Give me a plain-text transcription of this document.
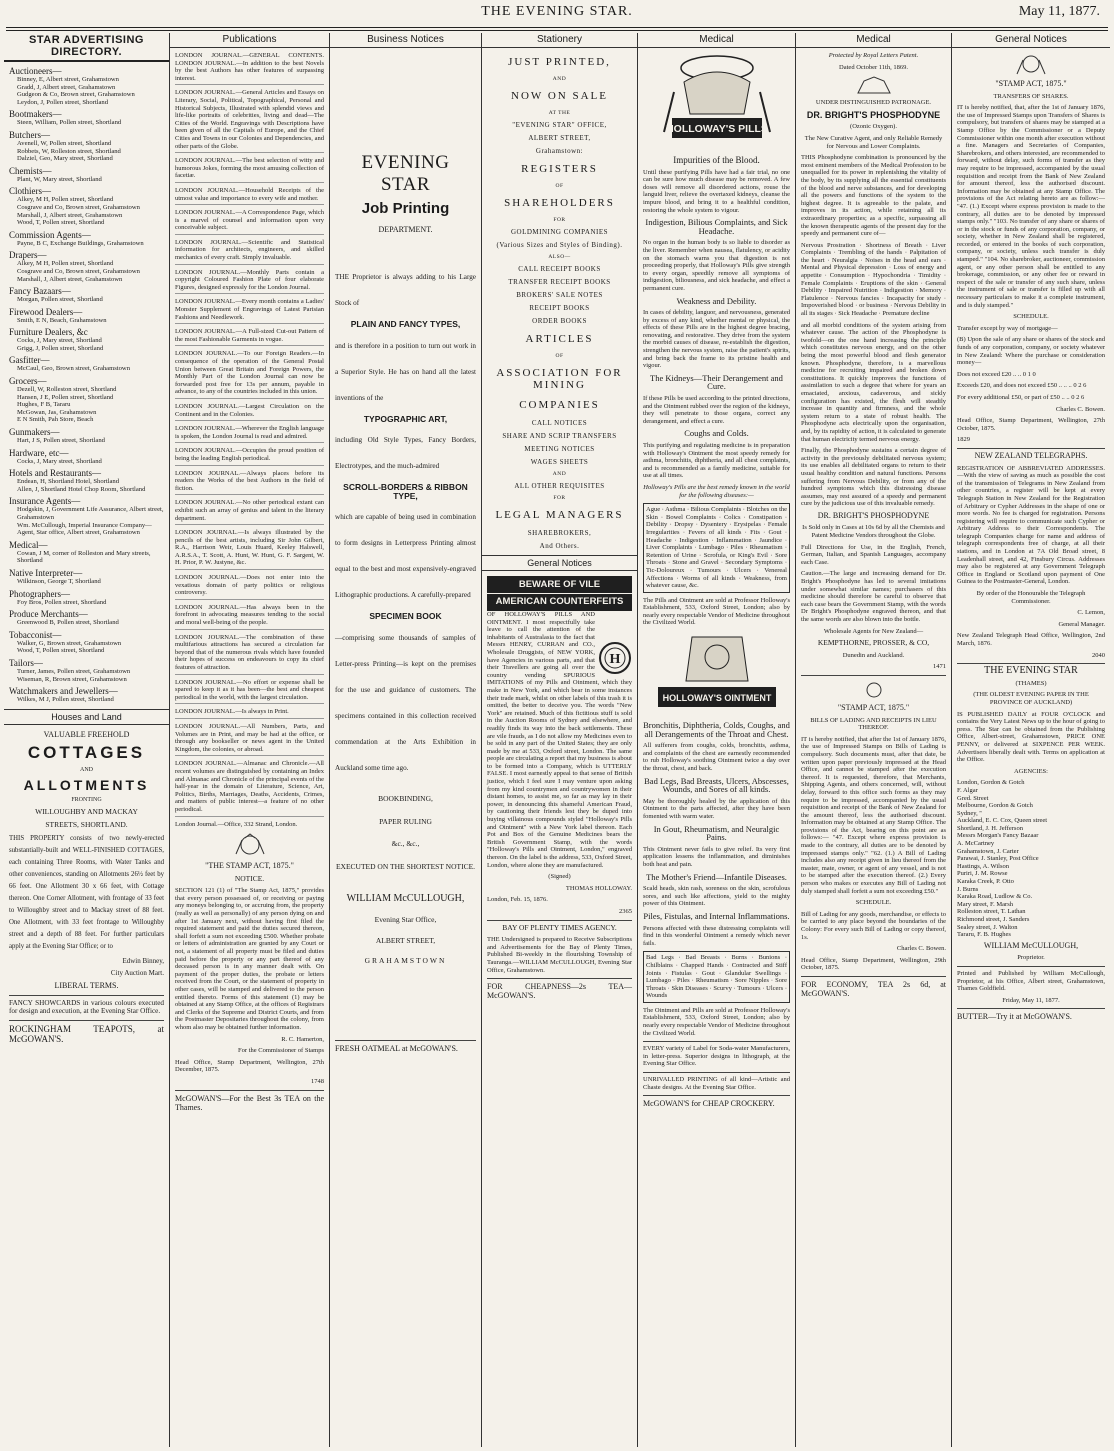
THE EVENING STAR.	May 11, 1877.
STAR ADVERTISING DIRECTORY.
Auctioneers—
Binney, E, Albert street, Grahamstown
Gradd, J, Albert street, Grahamstown
Gudgeon & Co, Brown street, Grahamstown
Leydon, J, Pollen street, Shortland
Bootmakers—
Steen, William, Pollen street, Shortland
Butchers—
Avenell, W, Pollen street, Shortland
Robbets, W, Rolleston street, Shortland
Dalziel, Geo, Mary street, Shortland
Chemists—
Plant, W, Mary street, Shortland
Clothiers—
Alkey, M H, Pollen street, Shortland
Cosgrave and Co, Brown street, Grahamstown
Marshall, J, Albert street, Grahamstown
Wood, T, Pollen street, Shortland
Commission Agents—
Payne, B C, Exchange Buildings, Grahamstown
Drapers—
Alkey, M H, Pollen street, Shortland
Cosgrave and Co, Brown street, Grahamstown
Marshall, J, Albert street, Grahamstown
Fancy Bazaars—
Morgan, Pollen street, Shortland
Firewood Dealers—
Smith, E N, Beach, Grahamstown
Furniture Dealers, &c
Cocks, J, Mary street, Shortland
Grigg, J, Pollen street, Shortland
Gasfitter—
McCaul, Geo, Brown street, Grahamstown
Grocers—
Dezell, W, Rolleston street, Shortland
Hansen, J E, Pollen street, Shortland
Hughes, F B, Tararu
McGowan, Jas, Grahamstown
E N Smith, Pah Store, Beach
Gunmakers—
Hart, J S, Pollen street, Shortland
Hardware, etc—
Cocks, J, Mary street, Shortland
Hotels and Restaurants—
Endean, H, Shortland Hotel, Shortland
Allen, J, Shortland Hotel Chop Room, Shortland
Insurance Agents—
Hodgskin, J, Government Life Assurance, Albert street, Grahamstown
Wm. McCullough, Imperial Insurance Company—Agent, Star office, Albert street, Grahamstown
Medical—
Cowan, J M, corner of Rolleston and Mary streets, Shortland
Native Interpreter—
Wilkinson, George T, Shortland
Photographers—
Foy Bros, Pollen street, Shortland
Produce Merchants—
Greenwood B, Pollen street, Shortland
Tobacconist—
Walker, G, Brown street, Grahamstown
Wood, T, Pollen street, Shortland
Tailors—
Turner, James, Pollen street, Grahamstown
Wiseman, R, Brown street, Grahamstown
Watchmakers and Jewellers—
Wilkes, M J, Pollen street, Shortland
Houses and Land
VALUABLE FREEHOLD
COTTAGES
AND
ALLOTMENTS
FRONTING
WILLOUGHBY AND MACKAY
STREETS, SHORTLAND.
THIS PROPERTY consists of two newly-erected substantially-built and WELL-FINISHED COTTAGES, each containing Three Rooms, with Water Tanks and other conveniences, standing on Allotments 26½ feet by 66 feet. One Allotment 30 x 66 feet, with Cottage thereon. One Corner Allotment, with frontage of 33 feet to Willoughby street and to Mackay street of 88 feet. One Allotment, with 33 feet frontage to Willoughby street and a depth of 88 feet. For further particulars apply at the Evening Star Office; or to
Edwin Binney,
City Auction Mart.
LIBERAL TERMS.
FANCY SHOWCARDS in various colours executed for design and execution, at the Evening Star Office.
ROCKINGHAM TEAPOTS, at McGOWAN'S.
Publications
LONDON JOURNAL.—GENERAL CONTENTS. LONDON JOURNAL.—In addition to the best Novels by the best Authors has other features of surpassing interest.
LONDON JOURNAL.—General Articles and Essays on Literary, Social, Political, Topographical, Personal and Historical Subjects, Illustrated with splendid views and life-like portraits of celebrities, living and dead—The Cities of the World. Engravings with Descriptions have been given of all the Capitals of Europe, and the Chief Cities and Towns in our Colonies and Dependencies, and other parts of the Globe.
LONDON JOURNAL.—The best selection of witty and humorous Jokes, forming the most amusing collection of facetiæ.
LONDON JOURNAL.—Household Receipts of the utmost value and importance to every wife and mother.
LONDON JOURNAL.—A Correspondence Page, which is a marvel of counsel and information upon very conceivable subject.
LONDON JOURNAL.—Scientific and Statistical information for architects, engineers, and skilled mechanics of every craft. Simply invaluable.
LONDON JOURNAL.—Monthly Parts contain a copyright Coloured Fashion Plate of four elaborate Figures, designed expressly for the London Journal.
LONDON JOURNAL.—Every month contains a Ladies' Monster Supplement of Engravings of Latest Parisian Fashions and Needlework.
LONDON JOURNAL.—A Full-sized Cut-out Pattern of the most Fashionable Garments in vogue.
LONDON JOURNAL.—To our Foreign Readers.—In consequence of the operation of the General Postal Union between Great Britain and Foreign Powers, the Monthly Part of the London Journal can now be forwarded post free for 13s per annum, payable in advance, to any of the countries included in this union.
LONDON JOURNAL.—Largest Circulation on the Continent and in the Colonies.
LONDON JOURNAL.—Wherever the English language is spoken, the London Journal is read and admired.
LONDON JOURNAL.—Occupies the proud position of being the leading English periodical.
LONDON JOURNAL.—Always places before its readers the Works of the best Authors in the field of fiction.
LONDON JOURNAL.—No other periodical extant can exhibit such an array of genius and talent in the literary department.
LONDON JOURNAL.—Is always illustrated by the pencils of the best artists, including Sir John Gilbert, R.A., Harrison Weir, Louis Huard, Keeley Halswell, A.R.S.A., T. Scott, A. Hunt, W. Hunt, G. F. Sargent, W. H. Prior, P. W. Justyne, &c.
LONDON JOURNAL.—Does not enter into the vexatious domain of party politics or religious controversy.
LONDON JOURNAL.—Has always been in the forefront in advocating measures tending to the social and moral well-being of the people.
LONDON JOURNAL.—The combination of these multifarious attractions has secured a circulation far beyond that of the numerous rivals which have founded their hopes of success on endeavours to copy its chief features of attraction.
LONDON JOURNAL.—No effort or expense shall be spared to keep it as it has been—the best and cheapest periodical in the world, with the largest circulation.
LONDON JOURNAL.—Is always in Print.
LONDON JOURNAL.—All Numbers, Parts, and Volumes are in Print, and may be had at the office, or through any bookseller or news agent in the United Kingdom, the colonies, or abroad.
LONDON JOURNAL.—Almanac and Chronicle.—All recent volumes are distinguished by containing an Index and Almanac and Chronicle of the principal events of the half-year in the domain of Literature, Science, Art, Politics, Births, Marriages, Deaths, Accidents, Crimes, and matters of public interest—a feature of no other periodical.
London Journal.—Office, 332 Strand, London.
"THE STAMP ACT, 1875."
NOTICE.
SECTION 121 (1) of "The Stamp Act, 1875," provides that every person possessed of, or receiving or paying any moneys belonging to, or accruing from, the property (really as well as personally) of any person dying on and after 1st January next, without having first filed the required statement and paid the duties secured thereon, shall forfeit a sum not exceeding £500. Whether probate or letters of administration are granted by any Court or not, a statement of all property must be filed and duties paid before the property or any part thereof of any deceased person is in any manner dealt with. On payment of the proper duties, the probate or letters received from the Court, or the statement of property in other cases, will be stamped and delivered to the person entitled thereto. Forms of this statement (1) may be obtained at any Stamp Office, at the offices of Registrars and Clerks of the Supreme and District Courts, and from the Postmaster Depositaries throughout the colony, from whom also may be obtained further information.
R. C. Hamerton,
For the Commissioner of Stamps
Head Office, Stamp Department, Wellington, 27th December, 1875.
1748
McGOWAN'S—For the Best 3s TEA on the Thames.
Business Notices
EVENING STAR
Job Printing
DEPARTMENT.
THE Proprietor is always adding to his Large Stock of
PLAIN AND FANCY TYPES,
and is therefore in a position to turn out work in a Superior Style. He has on hand all the latest inventions of the
TYPOGRAPHIC ART,
including Old Style Types, Fancy Borders, Electrotypes, and the much-admired
SCROLL-BORDERS & RIBBON TYPE,
which are capable of being used in combination to form designs in Letterpress Printing almost equal to the best and most expensively-engraved Lithographic productions. A carefully-prepared
SPECIMEN BOOK
—comprising some thousands of samples of Letter-press Printing—is kept on the premises for the use and guidance of customers. The specimens contained in this collection received commendation at the Arts Exhibition in Auckland some time ago.
BOOKBINDING,
PAPER RULING
&c., &c.,
EXECUTED ON THE SHORTEST NOTICE.
WILLIAM McCULLOUGH,
Evening Star Office,
ALBERT STREET,
GRAHAMSTOWN
FRESH OATMEAL at McGOWAN'S.
Stationery
JUST PRINTED,
AND
NOW ON SALE
AT THE
"EVENING STAR" OFFICE,
ALBERT STREET,
Grahamstown:
REGISTERS
OF
SHAREHOLDERS
FOR
GOLDMINING COMPANIES
(Various Sizes and Styles of Binding).
ALSO—
CALL RECEIPT BOOKS
TRANSFER RECEIPT BOOKS
BROKERS' SALE NOTES
RECEIPT BOOKS
ORDER BOOKS
ARTICLES
OF
ASSOCIATION FOR MINING
COMPANIES
CALL NOTICES
SHARE AND SCRIP TRANSFERS
MEETING NOTICES
WAGES SHEETS
AND
ALL OTHER REQUISITES
FOR
LEGAL MANAGERS
SHAREBROKERS,
And Others.
General Notices
BEWARE OF VILE
AMERICAN COUNTERFEITS
H
OF HOLLOWAY'S PILLS AND OINTMENT. I most respectfully take leave to call the attention of the inhabitants of Australasia to the fact that Messrs HENRY, CURRAN and CO., Wholesale Druggists, of NEW YORK, have Agencies in various parts, and that their Travellers are going all over the country vending SPURIOUS IMITATIONS of my Pills and Ointment, which they make in New York, and which bear in some instances their trade mark, whilst on other labels of this trash it is omitted, the better to deceive you. The words "New York" are retained. Much of this fictitious stuff is sold in the Auction Rooms of Sydney and elsewhere, and readily finds its way into the back settlements. These are vile frauds, as I do not allow my Medicines even to be sold in any part of the United States; they are only made by me at 533, Oxford street, London. The same people are circulating a report that my business is about to be formed into a Company, which is UTTERLY FALSE. I most earnestly appeal to that sense of British justice, which I feel sure I may venture upon asking from my kind countrymen and countrywomen in their distant homes, to assist me, so far as may lay in their power, in denouncing this shameful American Fraud, by cautioning their friends lest they be duped into buying villainous compounds styled "Holloway's Pills and Ointment" with a New York label thereon. Each Pot and Box of the Genuine Medicines bears the British Government Stamp, with the words "Holloway's Pills and Ointment, London," engraved thereon. On the label is the address, 533, Oxford Street, London, where alone they are manufactured.
(Signed)
THOMAS HOLLOWAY.
London, Feb. 15, 1876.
2365
BAY OF PLENTY TIMES AGENCY.
THE Undersigned is prepared to Receive Subscriptions and Advertisements for the Bay of Plenty Times, Published Bi-weekly in the flourishing Township of Tauranga.—WILLIAM McCULLOUGH, Evening Star Office, Grahamstown.
FOR CHEAPNESS—2s TEA—McGOWAN'S.
Medical
HOLLOWAY'S PILLS
Impurities of the Blood.
Until these purifying Pills have had a fair trial, no one can be sure how much disease may be removed. A few doses will remove all disordered actions, rouse the languid liver, relieve the overtaxed kidneys, cleanse the impure blood, and bring it to a healthful condition, restoring the whole system to vigour.
Indigestion, Bilious Complaints, and Sick Headache.
No organ in the human body is so liable to disorder as the liver. Remember when nausea, flatulency, or acidity on the stomach warns you that digestion is not proceeding properly, that Holloway's Pills give strength to every organ, speedily remove all symptoms of indigestion, biliousness, and sick headache, and effect a permanent cure.
Weakness and Debility.
In cases of debility, languor, and nervousness, generated by excess of any kind, whether mental or physical, the effects of these Pills are in the highest degree bracing, renovating, and restorative. They drive from the system the morbid causes of disease, re-establish the digestion, strengthen the nervous system, raise the patient's spirits, and bring back the frame to its pristine health and vigour.
The Kidneys—Their Derangement and Cure.
If these Pills be used according to the printed directions, and the Ointment rubbed over the region of the kidneys, they will penetrate to those organs, correct any derangement, and effect a cure.
Coughs and Colds.
This purifying and regulating medicine is in preparation with Holloway's Ointment the most speedy remedy for asthma, bronchitis, diphtheria, and all chest complaints, and is recommended as a family medicine, suitable for use at all times.
Holloway's Pills are the best remedy known in the world for the following diseases:—
Ague · Asthma · Bilious Complaints · Blotches on the Skin · Bowel Complaints · Colics · Constipation · Debility · Dropsy · Dysentery · Erysipelas · Female Irregularities · Fevers of all kinds · Fits · Gout · Headache · Indigestion · Inflammation · Jaundice · Liver Complaints · Lumbago · Piles · Rheumatism · Retention of Urine · Scrofula, or King's Evil · Sore Throats · Stone and Gravel · Secondary Symptoms · Tic-Doloureux · Tumours · Ulcers · Venereal Affections · Worms of all kinds · Weakness, from whatever cause, &c.
The Pills and Ointment are sold at Professor Holloway's Establishment, 533, Oxford Street, London; also by nearly every respectable Vendor of Medicine throughout the Civilized World.
HOLLOWAY'S OINTMENT
Bronchitis, Diphtheria, Colds, Coughs, and all Derangements of the Throat and Chest.
All sufferers from coughs, colds, bronchitis, asthma, and complaints of the chest are earnestly recommended to rub Holloway's soothing Ointment twice a day over the throat, chest, and back.
Bad Legs, Bad Breasts, Ulcers, Abscesses, Wounds, and Sores of all kinds.
May be thoroughly healed by the application of this Ointment to the parts affected, after they have been fomented with warm water.
In Gout, Rheumatism, and Neuralgic Pains.
This Ointment never fails to give relief. Its very first application lessens the inflammation, and diminishes both heat and pain.
The Mother's Friend—Infantile Diseases.
Scald heads, skin rash, soreness on the skin, scrofulous sores, and such like affections, yield to the mighty power of this Ointment.
Piles, Fistulas, and Internal Inflammations.
Persons affected with these distressing complaints will find in this wonderful Ointment a remedy which never fails.
Bad Legs · Bad Breasts · Burns · Bunions · Chilblains · Chapped Hands · Contracted and Stiff Joints · Fistulas · Gout · Glandular Swellings · Lumbago · Piles · Rheumatism · Sore Nipples · Sore Throats · Skin Diseases · Scurvy · Tumours · Ulcers · Wounds
The Ointment and Pills are sold at Professor Holloway's Establishment, 533, Oxford Street, London; also by nearly every respectable Vendor of Medicine throughout the Civilized World.
EVERY variety of Label for Soda-water Manufacturers, in letter-press. Superior designs in lithograph, at the Evening Star Office.
UNRIVALLED PRINTING of all kind—Artistic and Chaste designs. At the Evening Star Office.
McGOWAN'S for CHEAP CROCKERY.
Medical
Protected by Royal Letters Patent.
Dated October 11th, 1869.
UNDER DISTINGUISHED PATRONAGE.
DR. BRIGHT'S PHOSPHODYNE
(Ozonic Oxygen).
The New Curative Agent, and only Reliable Remedy for Nervous and Lower Complaints.
THIS Phosphodyne combination is pronounced by the most eminent members of the Medical Profession to be unequalled for its power in replenishing the vitality of the body, by its supplying all the essential constituents of the blood and nerve substances, and for developing all the powers and functions of the system to the highest degree. It is agreeable to the palate, and improves in its action, while retaining all its extraordinary properties; as a specific, surpassing all the known therapeutic agents of the present day for the speedy and permanent cure of—
Nervous Prostration · Shortness of Breath · Liver Complaints · Trembling of the hands · Palpitation of the heart · Neuralgia · Noises in the head and ears · Mental and Physical depression · Loss of energy and appetite · Consumption · Hypochondria · Timidity · Female Complaints · Eruptions of the skin · General Debility · Impaired Nutrition · Indigestion · Memory · Flatulence · Nervous fancies · Incapacity for study · Impoverished blood · or business · Nervous Debility in all its stages · Sick Headache · Premature decline
and all morbid conditions of the system arising from whatever cause. The action of the Phosphodyne is twofold—on the one hand increasing the principle which constitutes nervous energy, and on the other being the most powerful blood and flesh generator known. Phosphodyne, therefore, is a marvellous medicine for recruiting impaired and broken down constitutions. It quickly improves the functions of assimilation to such a degree that where for years an emaciated, anxious, cadaverous, and sickly configuration has existed, the flesh will steadily increase in quantity and firmness, and the whole system return to a state of robust health. The Phosphodyne acts electrically upon the organisation, and, by its rapidity of action, it is calculated to generate that human electricity termed nervous energy.
Finally, the Phosphodyne sustains a certain degree of activity in the previously debilitated nervous system; its use enables all debilitated organs to return to their usual healthy condition and natural functions. Persons suffering from Nervous Debility, or from any of the hundred symptoms which this distressing disease assumes, may rest assured of a speedy and permanent cure by the judicious use of this invaluable remedy.
DR. BRIGHT'S PHOSPHODYNE
Is Sold only in Cases at 10s 6d by all the Chemists and Patent Medicine Vendors throughout the Globe.
Full Directions for Use, in the English, French, German, Italian, and Spanish Languages, accompany each Case.
Caution.—The large and increasing demand for Dr. Bright's Phosphodyne has led to several imitations under somewhat similar names; purchasers of this medicine should therefore be careful to observe that each case bears the Government Stamp, with the words Dr Bright's Phosphodyne engraved thereon, and that the same words are also blown into the bottle.
Wholesale Agents for New Zealand—
KEMPTHORNE, PROSSER, & CO,
Dunedin and Auckland.
1471
"STAMP ACT, 1875."
BILLS OF LADING AND RECEIPTS IN LIEU THEREOF.
IT is hereby notified, that after the 1st of January 1876, the use of Impressed Stamps on Bills of Lading is compulsory. Such documents must, after that date, be written upon paper previously impressed at the Head Office, and cannot be stamped after the execution thereof. It is requested, therefore, that Merchants, Shipping Agents, and others concerned, will, without delay, forward to this office such forms as they may require to be impressed, accompanied by the usual requisition and receipt of the Bank of New Zealand for the amount thereof, less the authorised discount. Information may be obtained at any Stamp Office. The provisions of the Act, bearing on this point are as follows:— "47. Except where express provision is made to the contrary, all duties are to be denoted by impressed stamps only." "62. (1.) A Bill of Lading includes also any receipt given in lieu thereof from the master, mate, owner, or agent of any vessel, and is not to be stamped after the execution thereof. (2.) Every person who makes or executes any Bill of Lading not duly stamped shall forfeit a sum not exceeding £50."
SCHEDULE.
Bill of Lading for any goods, merchandise, or effects to be carried to any place beyond the boundaries of the Colony: For every such Bill of Lading or copy thereof, 1s.
Charles C. Bowen.
Head Office, Stamp Department, Wellington, 29th October, 1875.
FOR ECONOMY, TEA 2s 6d, at McGOWAN'S.
General Notices
"STAMP ACT, 1875."
TRANSFERS OF SHARES.
IT is hereby notified, that, after the 1st of January 1876, the use of Impressed Stamps upon Transfers of Shares is compulsory, but transfers of shares may be stamped at a Stamp Office by the Commissioner or a Deputy Commissioner within one month after execution without a fine. Managers and Secretaries of Companies, Sharebrokers, and others interested, are recommended to forward, without delay, such forms of transfer as they may require to be impressed, accompanied by the usual requisition and receipt from the Bank of New Zealand for amount thereof, less the authorised discount. Information may be obtained at any Stamp Office. The provisions of the Act relating hereto are as follow:— "47. (1.) Except where express provision is made to the contrary, all duties are to be denoted by impressed stamps only." "103. No transfer of any share or shares of or in the stock or funds of any corporation, company, or society, whether in New Zealand shall be registered, recorded, or entered in the books of such corporation, company, or society, unless such transfer is duly stamped." "104. No sharebroker, auctioneer, commission agent, or any other person shall be entitled to any brokerage, commission, or any other fee or reward in respect of the sale or transfer of any such share, unless the instrument of sale or transfer is filled up with all necessary particulars to make it a complete instrument, and is duly stamped."
SCHEDULE.
Transfer except by way of mortgage—
(B) Upon the sale of any share or shares of the stock and funds of any corporation, company, or society whatever in New Zealand: Where the purchase or consideration money—
Does not exceed £20 .. .. 0 1 0
Exceeds £20, and does not exceed £50 .. .. .. 0 2 6
For every additional £50, or part of £50 .. .. 0 2 6
Charles C. Bowen.
Head Office, Stamp Department, Wellington, 27th October, 1875.
1829
NEW ZEALAND TELEGRAPHS.
REGISTRATION OF ABBREVIATED ADDRESSES.—With the view of saving as much as possible the cost of the transmission of Telegrams in New Zealand from other countries, a register will be kept at every Telegraph Station in New Zealand for the Registration of Arbitrary or Cypher Addresses in the shape of one or more words. No fee is charged for registration. Persons registering will require to communicate such Cypher or Arbitrary Address to their Correspondents. The telegraph Companies charge for name and address of telegraph correspondents free of charge, at all their stations, and in London at 7A Old Broad street, 8 Leadenhall street, and 42, Finsbury Circus. Addresses may also be registered at any Government Telegraph Office in England or Scotland upon payment of One Guinea to the Postmaster-General, London.
By order of the Honourable the Telegraph Commissioner.
C. Lemon,
General Manager.
New Zealand Telegraph Head Office, Wellington, 2nd March, 1876.
2040
THE EVENING STAR
(THAMES)
(THE OLDEST EVENING PAPER IN THE PROVINCE OF AUCKLAND)
IS PUBLISHED DAILY at FOUR O'CLOCK and contains the Very Latest News up to the hour of going to press. The Star can be obtained from the Publishing Office, Albert-street, Grahamstown, PRICE ONE PENNY, or delivered at SIXPENCE PER WEEK. Advertisers liberally dealt with. Terms on application at the Office.
AGENCIES:
London, Gordon & Gotch
F. Algar
Gred. Street
Melbourne, Gordon & Gotch
Sydney, ''
Auckland, E. C. Cox, Queen street
Shortland, J. H. Jefferson
Messrs Morgan's Fancy Bazaar
A. McCartney
Grahamstown, J. Carter
Parawai, J. Stanley, Post Office
Hastings, A. Wilson
Puriri, J. M. Rowse
Karaka Creek, P. Otto
J. Burns
Karaka Road, Ludlow & Co.
Mary street, F. Marsh
Rolleston street, T. Lathan
Richmond street, J. Sanders
Sealey street, J. Walton
Tararu, F. B. Hughes
WILLIAM McCULLOUGH,
Proprietor.
Printed and Published by William McCullough, Proprietor, at his Office, Albert street, Grahamstown, Thames Goldfield.
Friday, May 11, 1877.
BUTTER—Try it at McGOWAN'S.
